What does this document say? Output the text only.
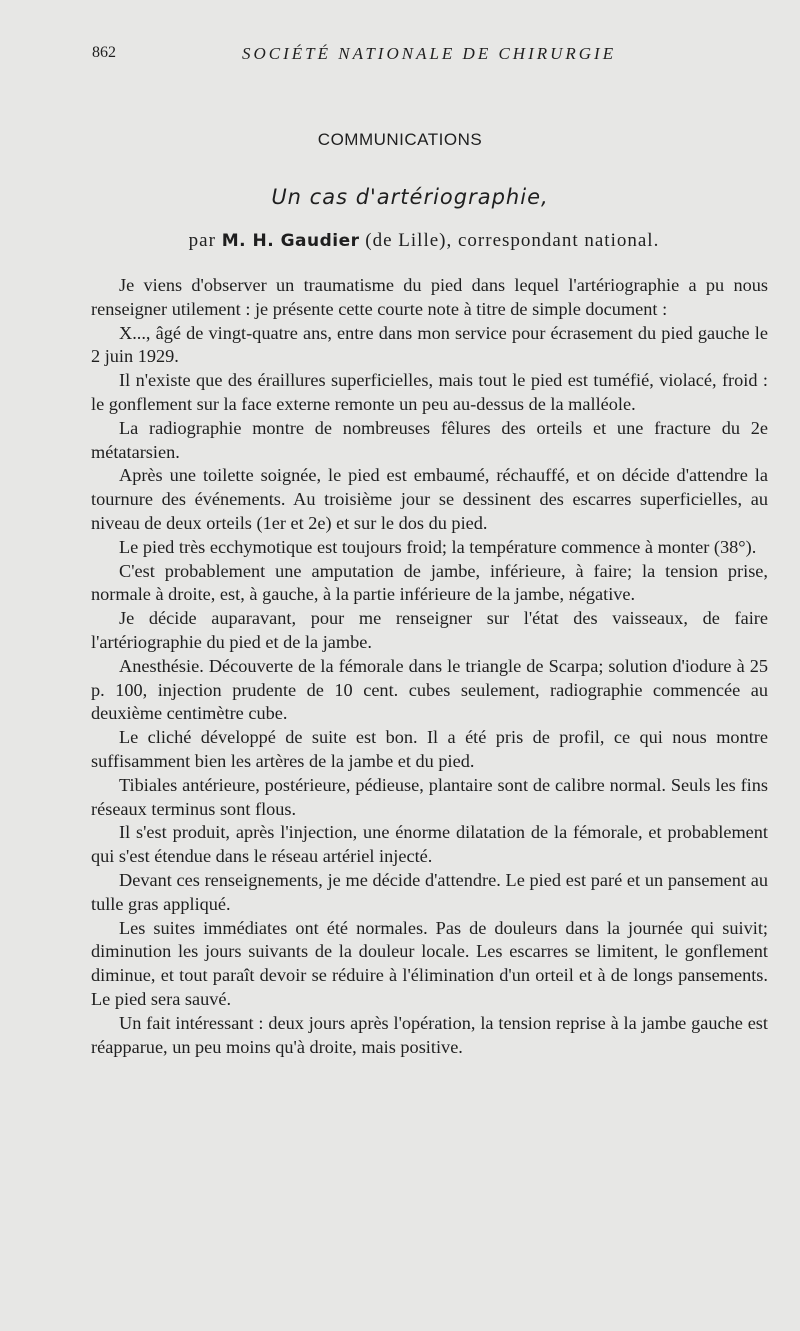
862	SOCIÉTÉ NATIONALE DE CHIRURGIE
COMMUNICATIONS
Un cas d'artériographie,
par M. H. Gaudier (de Lille), correspondant national.

Je viens d'observer un traumatisme du pied dans lequel l'artériographie a pu nous renseigner utilement : je présente cette courte note à titre de simple document :

X..., âgé de vingt-quatre ans, entre dans mon service pour écrasement du pied gauche le 2 juin 1929.

Il n'existe que des éraillures superficielles, mais tout le pied est tuméfié, violacé, froid : le gonflement sur la face externe remonte un peu au-dessus de la malléole.

La radiographie montre de nombreuses fêlures des orteils et une fracture du 2e métatarsien.

Après une toilette soignée, le pied est embaumé, réchauffé, et on décide d'attendre la tournure des événements. Au troisième jour se dessinent des escarres superficielles, au niveau de deux orteils (1er et 2e) et sur le dos du pied.

Le pied très ecchymotique est toujours froid; la température commence à monter (38°).

C'est probablement une amputation de jambe, inférieure, à faire; la tension prise, normale à droite, est, à gauche, à la partie inférieure de la jambe, négative.

Je décide auparavant, pour me renseigner sur l'état des vaisseaux, de faire l'artériographie du pied et de la jambe.

Anesthésie. Découverte de la fémorale dans le triangle de Scarpa; solution d'iodure à 25 p. 100, injection prudente de 10 cent. cubes seulement, radiographie commencée au deuxième centimètre cube.

Le cliché développé de suite est bon. Il a été pris de profil, ce qui nous montre suffisamment bien les artères de la jambe et du pied.

Tibiales antérieure, postérieure, pédieuse, plantaire sont de calibre normal. Seuls les fins réseaux terminus sont flous.

Il s'est produit, après l'injection, une énorme dilatation de la fémorale, et probablement qui s'est étendue dans le réseau artériel injecté.

Devant ces renseignements, je me décide d'attendre. Le pied est paré et un pansement au tulle gras appliqué.

Les suites immédiates ont été normales. Pas de douleurs dans la journée qui suivit; diminution les jours suivants de la douleur locale. Les escarres se limitent, le gonflement diminue, et tout paraît devoir se réduire à l'élimination d'un orteil et à de longs pansements. Le pied sera sauvé.

Un fait intéressant : deux jours après l'opération, la tension reprise à la jambe gauche est réapparue, un peu moins qu'à droite, mais positive.
